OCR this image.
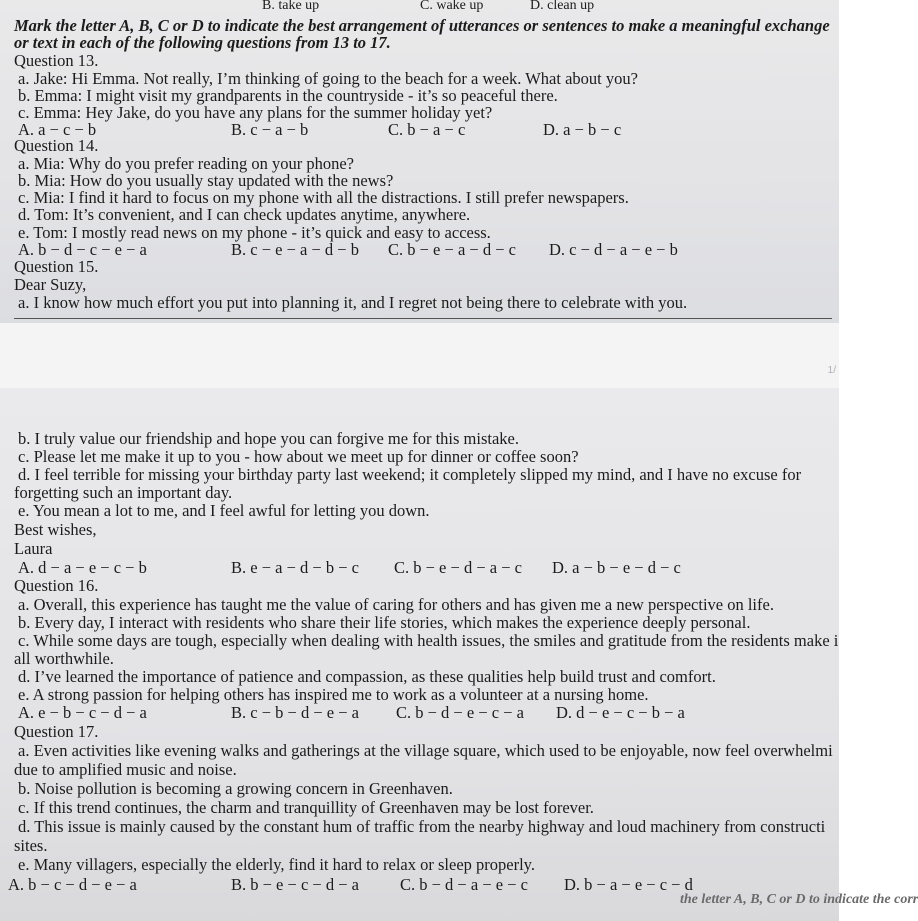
B. take up	C. wake up	D. clean up
Mark the letter A, B, C or D to indicate the best arrangement of utterances or sentences to make a meaningful exchange
or text in each of the following questions from 13 to 17.
Question 13.
a. Jake: Hi Emma. Not really, I’m thinking of going to the beach for a week. What about you?
b. Emma: I might visit my grandparents in the countryside - it’s so peaceful there.
c. Emma: Hey Jake, do you have any plans for the summer holiday yet?
A. a − c − b	B. c − a − b	C. b − a − c	D. a − b − c
Question 14.
a. Mia: Why do you prefer reading on your phone?
b. Mia: How do you usually stay updated with the news?
c. Mia: I find it hard to focus on my phone with all the distractions. I still prefer newspapers.
d. Tom: It’s convenient, and I can check updates anytime, anywhere.
e. Tom: I mostly read news on my phone - it’s quick and easy to access.
A. b − d − c − e − a	B. c − e − a − d − b C. b − e − a − d − c D. c − d − a − e − b
Question 15.
Dear Suzy,
a. I know how much effort you put into planning it, and I regret not being there to celebrate with you.
1/
b. I truly value our friendship and hope you can forgive me for this mistake.
c. Please let me make it up to you - how about we meet up for dinner or coffee soon?
d. I feel terrible for missing your birthday party last weekend; it completely slipped my mind, and I have no excuse for
forgetting such an important day.
e. You mean a lot to me, and I feel awful for letting you down.
Best wishes,
Laura
A. d − a − e − c − b	B. e − a − d − b − c C. b − e − d − a − c D. a − b − e − d − c
Question 16.
a. Overall, this experience has taught me the value of caring for others and has given me a new perspective on life.
b. Every day, I interact with residents who share their life stories, which makes the experience deeply personal.
c. While some days are tough, especially when dealing with health issues, the smiles and gratitude from the residents make i
all worthwhile.
d. I’ve learned the importance of patience and compassion, as these qualities help build trust and comfort.
e. A strong passion for helping others has inspired me to work as a volunteer at a nursing home.
A. e − b − c − d − a	B. c − b − d − e − a C. b − d − e − c − a D. d − e − c − b − a
Question 17.
a. Even activities like evening walks and gatherings at the village square, which used to be enjoyable, now feel overwhelmi
due to amplified music and noise.
b. Noise pollution is becoming a growing concern in Greenhaven.
c. If this trend continues, the charm and tranquillity of Greenhaven may be lost forever.
d. This issue is mainly caused by the constant hum of traffic from the nearby highway and loud machinery from constructi
sites.
e. Many villagers, especially the elderly, find it hard to relax or sleep properly.
A. b − c − d − e − a	B. b − e − c − d − a C. b − d − a − e − c D. b − a − e − c − d
the letter A, B, C or D to indicate the corr
